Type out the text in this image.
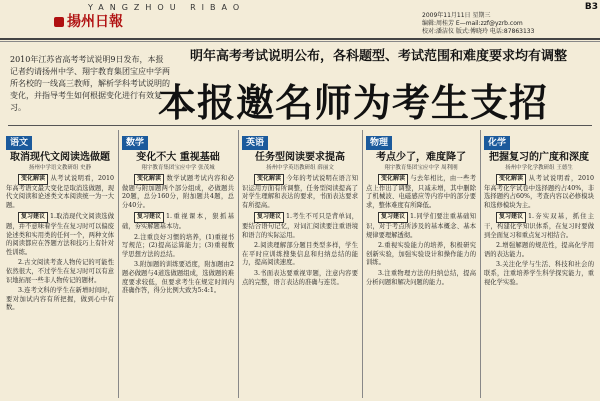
YANGZHOU RIBAO
揚州日報	2009年11月11日 星期三
编辑:周桂芳 E—mail:zzf@yzrb.com
校对:潘洁仪 版式:傅晓玲 电话:87863133
B3
2010年江苏省高考考试说明9日发布，本报记者约请扬州中学、翔宇教育集团宝应中学两所名校的一线高三教师，解析学科考试说明的变化，并指导考生如何根据变化进行有效复习。
明年高考考试说明公布，各科题型、考试范围和难度要求均有调整
本报邀名师为考生支招
语文
取消现代文阅读选做题
扬州中学语文教研组 史静

变化解读 从考试说明看，2010年高考语文最大变化是取消选做题，现代文阅读和论述类文本阅读统一为一大题。

复习建议 1.取消现代文阅读选做题，并不意味着学生在复习时可以偏废论述类和实用类的任何一个，两种文体的阅读都应在答题方法和技巧上有针对性训练。

2.古文阅读考查人物传记的可能性依然很大，不过学生在复习时可以有意识地拓展一些非人物传记的题材。

3.连考文科的学生在新增时间时，要对加试内容有所把握，做到心中有数。

数学
变化不大 重视基础
翔宇教育集团宝应中学 张茂城

变化解读 数学试题考试内容和必做题与附加题两个部分组成，必做题共20题，总分160分，附加题共4题，总分40分。

复习建议 1.重视课本，狠抓基础，夯实解题基本功。

2.注重良好习惯的培养，(1)重视书写规范；(2)提高运算能力；(3)重视数学思想方法的总结。

3.附加题的训练要适度，附加题由2题必做题与4道选做题组成，选做题的难度要求较低，但要求考生在规定时间内准确作答，得分比例大致为5:4:1。

英语
任务型阅读要求提高
扬州中学英语教研组 薛丽文

变化解读 今年的考试说明在语言知识运用方面有所调整，任务型阅读提高了对学生理解和表达的要求，书面表达要求有所提高。

复习建议 1.考生不可只是背单词，要结合语句记忆，对词汇阅读要注重语境和语言的实际运用。

2.阅读理解部分题目类型多样，学生在平时应训练搜集信息和归纳总结的能力，提高阅读速度。

3.书面表达要重视审题，注意内容要点的完整，语言表达的准确与连贯。

物理
考点少了，难度降了
翔宇教育集团宝应中学 周利刚

变化解读 与去年相比，由一些考点上作出了调整，只减未增，其中删除了机械波、电磁感应等内容中的部分要求，整体难度有所降低。

复习建议 1.同学们要注重基础知识，对于考点所涉及的基本概念、基本规律要理解透彻。

2.重视实验能力的培养，积极研究创新实验，加强实验设计和操作能力的训练。

3.注重物理方法的归纳总结，提高分析问题和解决问题的能力。

化学
把握复习的广度和深度
扬州中学化学教研组 王德生

变化解读 从考试说明看，2010年高考化学试卷中选择题约占40%，非选择题约占60%，考查内容以必修模块和选修模块为主。

复习建议 1.夯实双基，抓住主干，构建化学知识体系，在复习时要做到全面复习和重点复习相结合。

2.增强解题的规范性，提高化学用语的表达能力。

3.关注化学与生活、科技和社会的联系，注重培养学生科学探究能力，重视化学实验。
